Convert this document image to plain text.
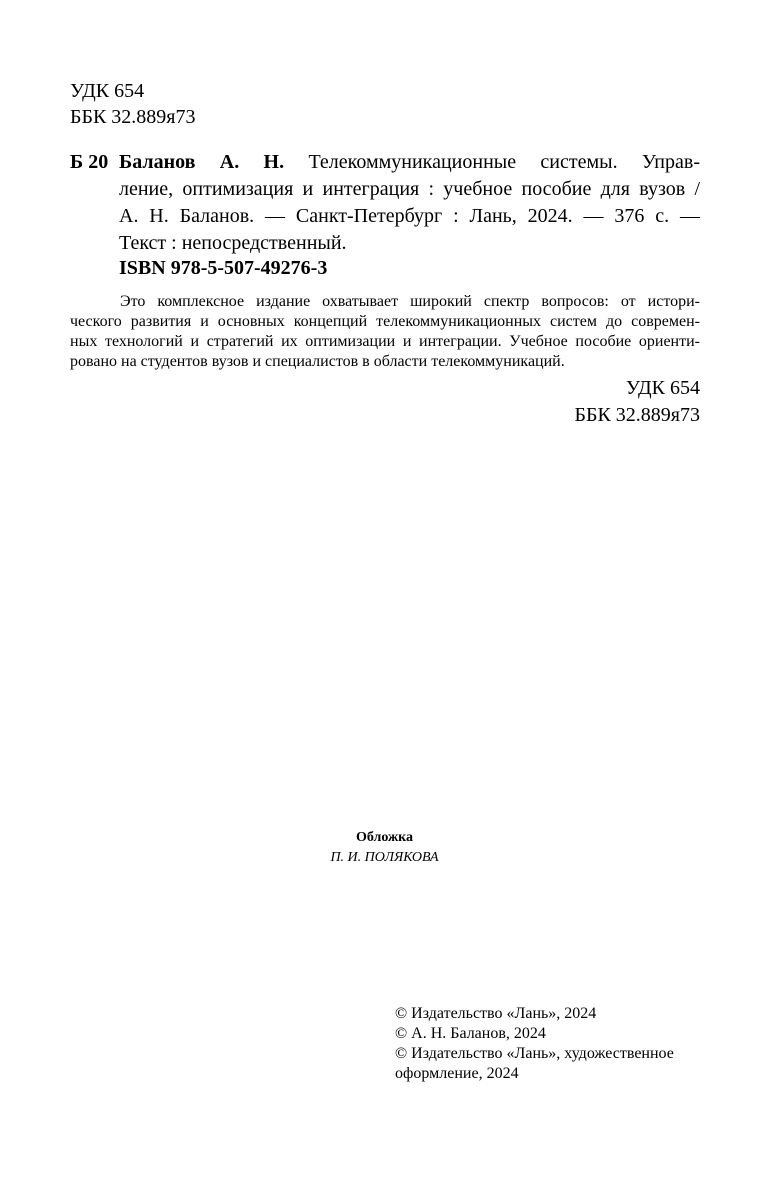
УДК 654
ББК 32.889я73
Б 20 Баланов А. Н. Телекоммуникационные системы. Управ-
ление, оптимизация и интеграция : учебное пособие для вузов /
А. Н. Баланов. — Санкт-Петербург : Лань, 2024. — 376 с. —
Текст : непосредственный.
ISBN 978-5-507-49276-3
Это комплексное издание охватывает широкий спектр вопросов: от истори-
ческого развития и основных концепций телекоммуникационных систем до современ-
ных технологий и стратегий их оптимизации и интеграции. Учебное пособие ориенти-
ровано на студентов вузов и специалистов в области телекоммуникаций.
УДК 654
ББК 32.889я73
Обложка
П. И. ПОЛЯКОВА
© Издательство «Лань», 2024
© А. Н. Баланов, 2024
© Издательство «Лань», художественное
оформление, 2024
